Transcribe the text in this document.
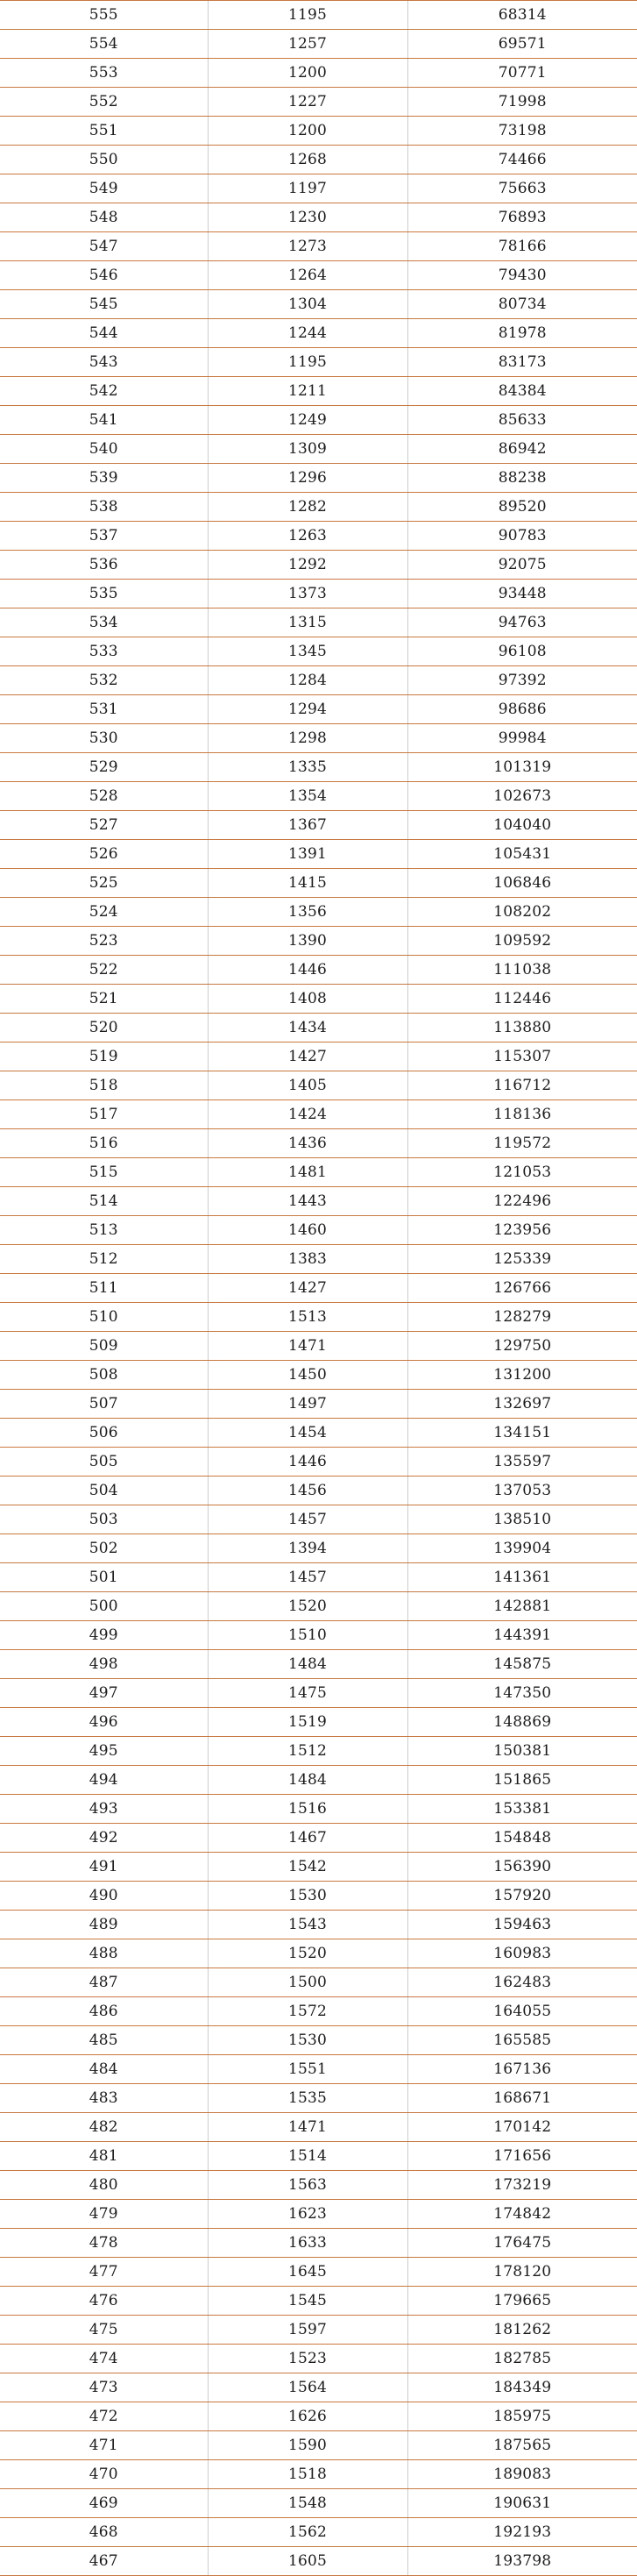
555	1195	68314
554	1257	69571
553	1200	70771
552	1227	71998
551	1200	73198
550	1268	74466
549	1197	75663
548	1230	76893
547	1273	78166
546	1264	79430
545	1304	80734
544	1244	81978
543	1195	83173
542	1211	84384
541	1249	85633
540	1309	86942
539	1296	88238
538	1282	89520
537	1263	90783
536	1292	92075
535	1373	93448
534	1315	94763
533	1345	96108
532	1284	97392
531	1294	98686
530	1298	99984
529	1335	101319
528	1354	102673
527	1367	104040
526	1391	105431
525	1415	106846
524	1356	108202
523	1390	109592
522	1446	111038
521	1408	112446
520	1434	113880
519	1427	115307
518	1405	116712
517	1424	118136
516	1436	119572
515	1481	121053
514	1443	122496
513	1460	123956
512	1383	125339
511	1427	126766
510	1513	128279
509	1471	129750
508	1450	131200
507	1497	132697
506	1454	134151
505	1446	135597
504	1456	137053
503	1457	138510
502	1394	139904
501	1457	141361
500	1520	142881
499	1510	144391
498	1484	145875
497	1475	147350
496	1519	148869
495	1512	150381
494	1484	151865
493	1516	153381
492	1467	154848
491	1542	156390
490	1530	157920
489	1543	159463
488	1520	160983
487	1500	162483
486	1572	164055
485	1530	165585
484	1551	167136
483	1535	168671
482	1471	170142
481	1514	171656
480	1563	173219
479	1623	174842
478	1633	176475
477	1645	178120
476	1545	179665
475	1597	181262
474	1523	182785
473	1564	184349
472	1626	185975
471	1590	187565
470	1518	189083
469	1548	190631
468	1562	192193
467	1605	193798
